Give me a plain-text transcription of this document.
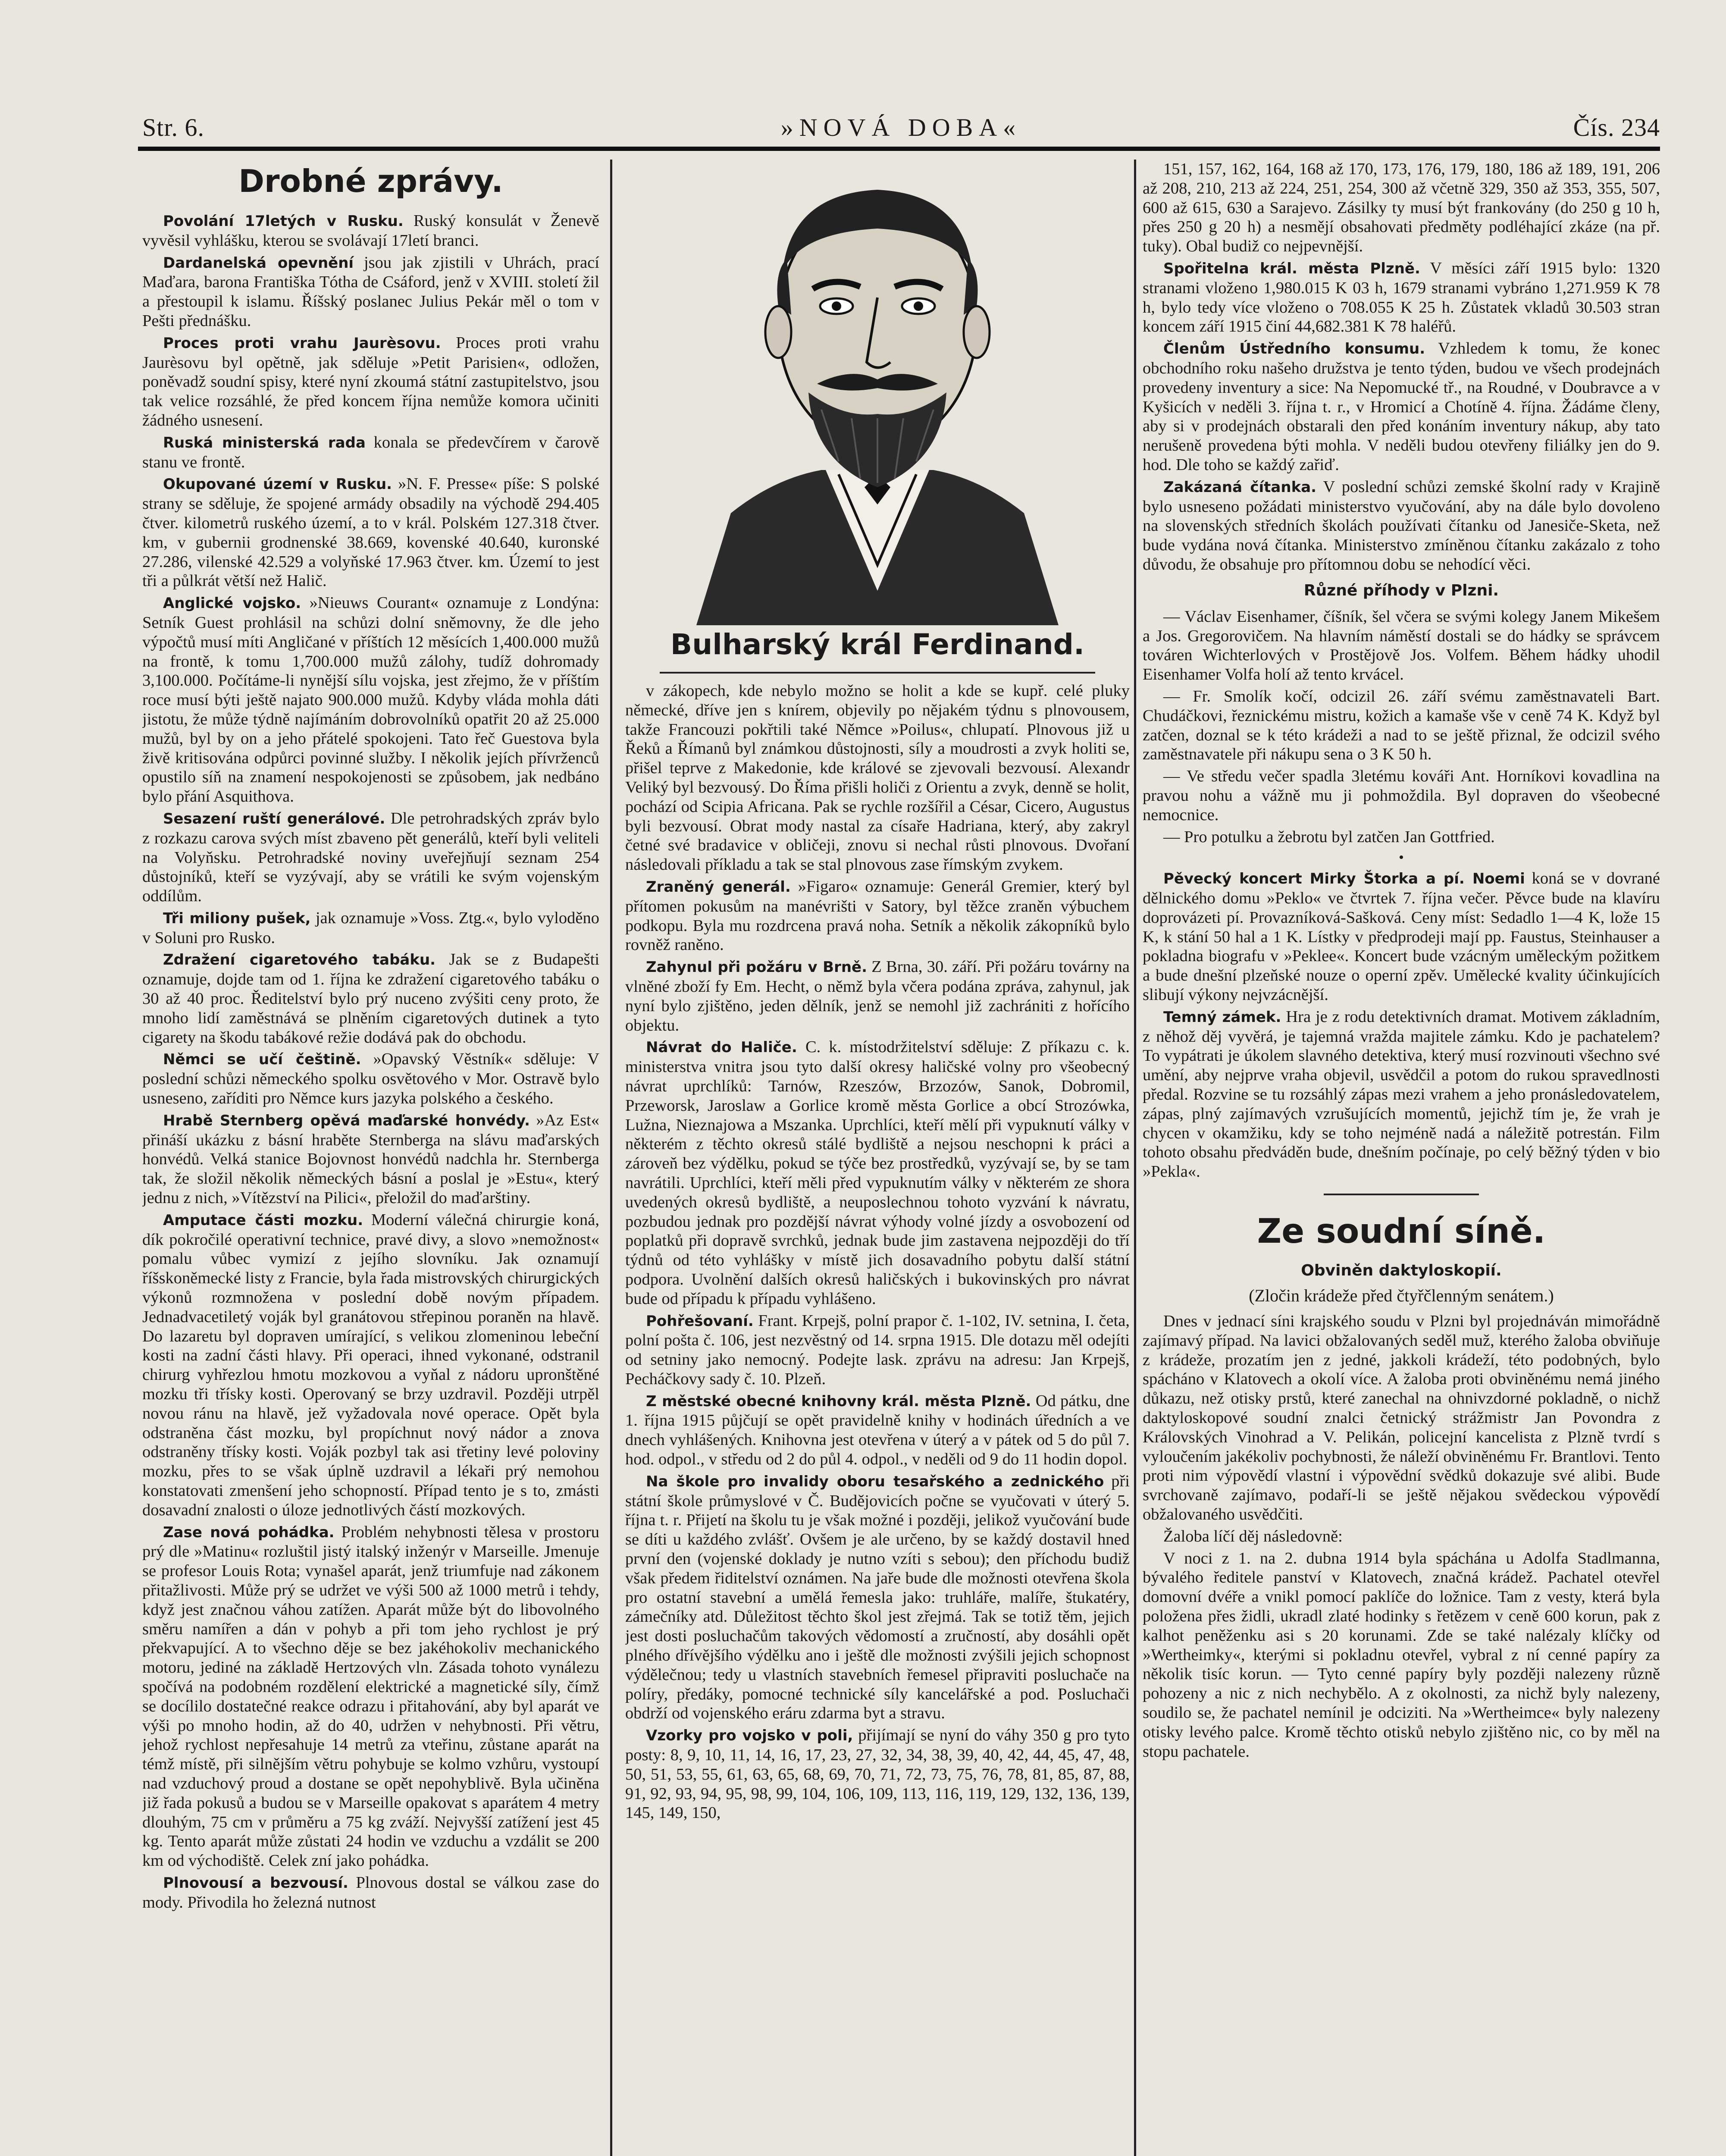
Str. 6.	»NOVÁ DOBA«	Čís. 234
Drobné zprávy.

Povolání 17letých v Rusku. Ruský konsulát v Ženevě vyvěsil vyhlášku, kterou se svolávají 17letí branci.

Dardanelská opevnění jsou jak zjistili v Uhrách, prací Maďara, barona Františka Tótha de Csáford, jenž v XVIII. století žil a přestoupil k islamu. Říšský poslanec Julius Pekár měl o tom v Pešti přednášku.

Proces proti vrahu Jaurèsovu. Proces proti vrahu Jaurèsovu byl opětně, jak sděluje »Petit Parisien«, odložen, poněvadž soudní spisy, které nyní zkoumá státní zastupitelstvo, jsou tak velice rozsáhlé, že před koncem října nemůže komora učiniti žádného usnesení.

Ruská ministerská rada konala se předevčírem v čarově stanu ve frontě.

Okupované území v Rusku. »N. F. Presse« píše: S polské strany se sděluje, že spojené armády obsadily na východě 294.405 čtver. kilometrů ruského území, a to v král. Polském 127.318 čtver. km, v gubernii grodnenské 38.669, kovenské 40.640, kuronské 27.286, vilenské 42.529 a volyňské 17.963 čtver. km. Území to jest tři a půlkrát větší než Halič.

Anglické vojsko. »Nieuws Courant« oznamuje z Londýna: Setník Guest prohlásil na schůzi dolní sněmovny, že dle jeho výpočtů musí míti Angličané v příštích 12 měsících 1,400.000 mužů na frontě, k tomu 1,700.000 mužů zálohy, tudíž dohromady 3,100.000. Počítáme-li nynější sílu vojska, jest zřejmo, že v příštím roce musí býti ještě najato 900.000 mužů. Kdyby vláda mohla dáti jistotu, že může týdně najímáním dobrovolníků opatřit 20 až 25.000 mužů, byl by on a jeho přátelé spokojeni. Tato řeč Guestova byla živě kritisována odpůrci povinné služby. I několik jejích přívrženců opustilo síň na znamení nespokojenosti se způsobem, jak nedbáno bylo přání Asquithova.

Sesazení ruští generálové. Dle petrohradských zpráv bylo z rozkazu carova svých míst zbaveno pět generálů, kteří byli veliteli na Volyňsku. Petrohradské noviny uveřejňují seznam 254 důstojníků, kteří se vyzývají, aby se vrátili ke svým vojenským oddílům.

Tři miliony pušek, jak oznamuje »Voss. Ztg.«, bylo vyloděno v Soluni pro Rusko.

Zdražení cigaretového tabáku. Jak se z Budapešti oznamuje, dojde tam od 1. října ke zdražení cigaretového tabáku o 30 až 40 proc. Ředitelství bylo prý nuceno zvýšiti ceny proto, že mnoho lidí zaměstnává se plněním cigaretových dutinek a tyto cigarety na škodu tabákové režie dodává pak do obchodu.

Němci se učí češtině. »Opavský Věstník« sděluje: V poslední schůzi německého spolku osvětového v Mor. Ostravě bylo usneseno, zaříditi pro Němce kurs jazyka polského a českého.

Hrabě Sternberg opěvá maďarské honvédy. »Az Est« přináší ukázku z básní hraběte Sternberga na slávu maďarských honvédů. Velká stanice Bojovnost honvédů nadchla hr. Sternberga tak, že složil několik německých básní a poslal je »Estu«, který jednu z nich, »Vítězství na Pilici«, přeložil do maďarštiny.

Amputace části mozku. Moderní válečná chirurgie koná, dík pokročilé operativní technice, pravé divy, a slovo »nemožnost« pomalu vůbec vymizí z jejího slovníku. Jak oznamují říšskoněmecké listy z Francie, byla řada mistrovských chirurgických výkonů rozmnožena v poslední době novým případem. Jednadvacetiletý voják byl granátovou střepinou poraněn na hlavě. Do lazaretu byl dopraven umírající, s velikou zlomeninou lebeční kosti na zadní části hlavy. Při operaci, ihned vykonané, odstranil chirurg vyhřezlou hmotu mozkovou a vyňal z nádoru upronštěné mozku tři třísky kosti. Operovaný se brzy uzdravil. Později utrpěl novou ránu na hlavě, jež vyžadovala nové operace. Opět byla odstraněna část mozku, byl propíchnut nový nádor a znova odstraněny třísky kosti. Voják pozbyl tak asi třetiny levé poloviny mozku, přes to se však úplně uzdravil a lékaři prý nemohou konstatovati zmenšení jeho schopností. Případ tento je s to, zmásti dosavadní znalosti o úloze jednotlivých částí mozkových.

Zase nová pohádka. Problém nehybnosti tělesa v prostoru prý dle »Matinu« rozluštil jistý italský inženýr v Marseille. Jmenuje se profesor Louis Rota; vynašel aparát, jenž triumfuje nad zákonem přitažlivosti. Může prý se udržet ve výši 500 až 1000 metrů i tehdy, když jest značnou váhou zatížen. Aparát může být do libovolného směru namířen a dán v pohyb a při tom jeho rychlost je prý překvapující. A to všechno děje se bez jakéhokoliv mechanického motoru, jediné na základě Hertzových vln. Zásada tohoto vynálezu spočívá na podobném rozdělení elektrické a magnetické síly, čímž se docílilo dostatečné reakce odrazu i přitahování, aby byl aparát ve výši po mnoho hodin, až do 40, udržen v nehybnosti. Při větru, jehož rychlost nepřesahuje 14 metrů za vteřinu, zůstane aparát na témž místě, při silnějším větru pohybuje se kolmo vzhůru, vystoupí nad vzduchový proud a dostane se opět nepohyblivě. Byla učiněna již řada pokusů a budou se v Marseille opakovat s aparátem 4 metry dlouhým, 75 cm v průměru a 75 kg zváží. Nejvyšší zatížení jest 45 kg. Tento aparát může zůstati 24 hodin ve vzduchu a vzdálit se 200 km od východiště. Celek zní jako pohádka.

Plnovousí a bezvousí. Plnovous dostal se válkou zase do mody. Přivodila ho železná nutnost

Bulharský král Ferdinand.

v zákopech, kde nebylo možno se holit a kde se kupř. celé pluky německé, dříve jen s knírem, objevily po nějakém týdnu s plnovousem, takže Francouzi pokřtili také Němce »Poilus«, chlupatí. Plnovous již u Řeků a Římanů byl známkou důstojnosti, síly a moudrosti a zvyk holiti se, přišel teprve z Makedonie, kde králové se zjevovali bezvousí. Alexandr Veliký byl bezvousý. Do Říma přišli holiči z Orientu a zvyk, denně se holit, pochází od Scipia Africana. Pak se rychle rozšířil a César, Cicero, Augustus byli bezvousí. Obrat mody nastal za císaře Hadriana, který, aby zakryl četné své bradavice v obličeji, znovu si nechal růsti plnovous. Dvořaní následovali příkladu a tak se stal plnovous zase římským zvykem.

Zraněný generál. »Figaro« oznamuje: Generál Gremier, který byl přítomen pokusům na manévrišti v Satory, byl těžce zraněn výbuchem podkopu. Byla mu rozdrcena pravá noha. Setník a několik zákopníků bylo rovněž raněno.

Zahynul při požáru v Brně. Z Brna, 30. září. Při požáru továrny na vlněné zboží fy Em. Hecht, o němž byla včera podána zpráva, zahynul, jak nyní bylo zjištěno, jeden dělník, jenž se nemohl již zachrániti z hořícího objektu.

Návrat do Haliče. C. k. místodržitelství sděluje: Z příkazu c. k. ministerstva vnitra jsou tyto další okresy haličské volny pro všeobecný návrat uprchlíků: Tarnów, Rzeszów, Brzozów, Sanok, Dobromil, Przeworsk, Jaroslaw a Gorlice kromě města Gorlice a obcí Strozówka, Lužna, Nieznajowa a Mszanka. Uprchlíci, kteří mělí při vypuknutí války v některém z těchto okresů stálé bydliště a nejsou neschopni k práci a zároveň bez výdělku, pokud se týče bez prostředků, vyzývají se, by se tam navrátili. Uprchlíci, kteří měli před vypuknutím války v některém ze shora uvedených okresů bydliště, a neuposlechnou tohoto vyzvání k návratu, pozbudou jednak pro pozdější návrat výhody volné jízdy a osvobození od poplatků při dopravě svrchků, jednak bude jim zastavena nejpozději do tří týdnů od této vyhlášky v místě jich dosavadního pobytu další státní podpora. Uvolnění dalších okresů haličských i bukovinských pro návrat bude od případu k případu vyhlášeno.

Pohřešovaní. Frant. Krpejš, polní prapor č. 1-102, IV. setnina, I. četa, polní pošta č. 106, jest nezvěstný od 14. srpna 1915. Dle dotazu měl odejíti od setniny jako nemocný. Podejte lask. zprávu na adresu: Jan Krpejš, Pecháčkovy sady č. 10. Plzeň.

Z městské obecné knihovny král. města Plzně. Od pátku, dne 1. října 1915 půjčují se opět pravidelně knihy v hodinách úředních a ve dnech vyhlášených. Knihovna jest otevřena v úterý a v pátek od 5 do půl 7. hod. odpol., v středu od 2 do půl 4. odpol., v neděli od 9 do 11 hodin dopol.

Na škole pro invalidy oboru tesařského a zednického při státní škole průmyslové v Č. Budějovicích počne se vyučovati v úterý 5. října t. r. Přijetí na školu tu je však možné i později, jelikož vyučování bude se díti u každého zvlášť. Ovšem je ale určeno, by se každý dostavil hned první den (vojenské doklady je nutno vzíti s sebou); den příchodu budiž však předem řiditelství oznámen. Na jaře bude dle možnosti otevřena škola pro ostatní stavební a umělá řemesla jako: truhláře, malíře, štukatéry, zámečníky atd. Důležitost těchto škol jest zřejmá. Tak se totiž těm, jejich jest dosti posluchačům takových vědomostí a zručností, aby dosáhli opět plného dřívějšího výdělku ano i ještě dle možnosti zvýšili jejich schopnost výdělečnou; tedy u vlastních stavebních řemesel připraviti posluchače na políry, předáky, pomocné technické síly kancelářské a pod. Posluchači obdrží od vojenského eráru zdarma byt a stravu.

Vzorky pro vojsko v poli, přijímají se nyní do váhy 350 g pro tyto posty: 8, 9, 10, 11, 14, 16, 17, 23, 27, 32, 34, 38, 39, 40, 42, 44, 45, 47, 48, 50, 51, 53, 55, 61, 63, 65, 68, 69, 70, 71, 72, 73, 75, 76, 78, 81, 85, 87, 88, 91, 92, 93, 94, 95, 98, 99, 104, 106, 109, 113, 116, 119, 129, 132, 136, 139, 145, 149, 150,

151, 157, 162, 164, 168 až 170, 173, 176, 179, 180, 186 až 189, 191, 206 až 208, 210, 213 až 224, 251, 254, 300 až včetně 329, 350 až 353, 355, 507, 600 až 615, 630 a Sarajevo. Zásilky ty musí být frankovány (do 250 g 10 h, přes 250 g 20 h) a nesmějí obsahovati předměty podléhající zkáze (na př. tuky). Obal budiž co nejpevnější.

Spořitelna král. města Plzně. V měsíci září 1915 bylo: 1320 stranami vloženo 1,980.015 K 03 h, 1679 stranami vybráno 1,271.959 K 78 h, bylo tedy více vloženo o 708.055 K 25 h. Zůstatek vkladů 30.503 stran koncem září 1915 činí 44,682.381 K 78 haléřů.

Členům Ústředního konsumu. Vzhledem k tomu, že konec obchodního roku našeho družstva je tento týden, budou ve všech prodejnách provedeny inventury a sice: Na Nepomucké tř., na Roudné, v Doubravce a v Kyšicích v neděli 3. října t. r., v Hromicí a Chotíně 4. října. Žádáme členy, aby si v prodejnách obstarali den před konáním inventury nákup, aby tato nerušeně provedena býti mohla. V neděli budou otevřeny filiálky jen do 9. hod. Dle toho se každý zařiď.

Zakázaná čítanka. V poslední schůzi zemské školní rady v Krajině bylo usneseno požádati ministerstvo vyučování, aby na dále bylo dovoleno na slovenských středních školách používati čítanku od Janesiče-Sketa, než bude vydána nová čítanka. Ministerstvo zmíněnou čítanku zakázalo z toho důvodu, že obsahuje pro přítomnou dobu se nehodící věci.

Různé příhody v Plzni.

— Václav Eisenhamer, číšník, šel včera se svými kolegy Janem Mikešem a Jos. Gregorovičem. Na hlavním náměstí dostali se do hádky se správcem továren Wichterlových v Prostějově Jos. Volfem. Během hádky uhodil Eisenhamer Volfa holí až tento krvácel.

— Fr. Smolík kočí, odcizil 26. září svému zaměstnavateli Bart. Chudáčkovi, řeznickému mistru, kožich a kamaše vše v ceně 74 K. Když byl zatčen, doznal se k této krádeži a nad to se ještě přiznal, že odcizil svého zaměstnavatele při nákupu sena o 3 K 50 h.

— Ve středu večer spadla 3letému kováři Ant. Horníkovi kovadlina na pravou nohu a vážně mu ji pohmoždila. Byl dopraven do všeobecné nemocnice.

— Pro potulku a žebrotu byl zatčen Jan Gottfried.

•

Pěvecký koncert Mirky Štorka a pí. Noemi koná se v dovrané dělnického domu »Peklo« ve čtvrtek 7. října večer. Pěvce bude na klavíru doprovázeti pí. Provazníková-Sašková. Ceny míst: Sedadlo 1—4 K, lože 15 K, k stání 50 hal a 1 K. Lístky v předprodeji mají pp. Faustus, Steinhauser a pokladna biografu v »Peklee«. Koncert bude vzácným uměleckým požitkem a bude dnešní plzeňské nouze o operní zpěv. Umělecké kvality účinkujících slibují výkony nejvzácnější.

Temný zámek. Hra je z rodu detektivních dramat. Motivem základním, z něhož děj vyvěrá, je tajemná vražda majitele zámku. Kdo je pachatelem? To vypátrati je úkolem slavného detektiva, který musí rozvinouti všechno své umění, aby nejprve vraha objevil, usvědčil a potom do rukou spravedlnosti předal. Rozvine se tu rozsáhlý zápas mezi vrahem a jeho pronásledovatelem, zápas, plný zajímavých vzrušujících momentů, jejichž tím je, že vrah je chycen v okamžiku, kdy se toho nejméně nadá a náležitě potrestán. Film tohoto obsahu předváděn bude, dnešním počínaje, po celý běžný týden v bio »Pekla«.

Ze soudní síně.
Obviněn daktyloskopií.
(Zločin krádeže před čtyřčlenným senátem.)

Dnes v jednací síni krajského soudu v Plzni byl projednáván mimořádně zajímavý případ. Na lavici obžalovaných seděl muž, kterého žaloba obviňuje z krádeže, prozatím jen z jedné, jakkoli krádeží, této podobných, bylo spácháno v Klatovech a okolí více. A žaloba proti obviněnému nemá jiného důkazu, než otisky prstů, které zanechal na ohnivzdorné pokladně, o nichž daktyloskopové soudní znalci četnický strážmistr Jan Povondra z Královských Vinohrad a V. Pelikán, policejní kancelista z Plzně tvrdí s vyloučením jakékoliv pochybnosti, že náleží obviněnému Fr. Brantlovi. Tento proti nim výpovědí vlastní i výpovědní svědků dokazuje své alibi. Bude svrchovaně zajímavo, podaří-li se ještě nějakou svědeckou výpovědí obžalovaného usvědčiti.

Žaloba líčí děj následovně:

V noci z 1. na 2. dubna 1914 byla spáchána u Adolfa Stadlmanna, bývalého ředitele panství v Klatovech, značná krádež. Pachatel otevřel domovní dvéře a vnikl pomocí paklíče do ložnice. Tam z vesty, která byla položena přes židli, ukradl zlaté hodinky s řetězem v ceně 600 korun, pak z kalhot peněženku asi s 20 korunami. Zde se také nalézaly klíčky od »Wertheimky«, kterými si pokladnu otevřel, vybral z ní cenné papíry za několik tisíc korun. — Tyto cenné papíry byly později nalezeny různě pohozeny a nic z nich nechybělo. A z okolnosti, za nichž byly nalezeny, soudilo se, že pachatel nemínil je odciziti. Na »Wertheimce« byly nalezeny otisky levého palce. Kromě těchto otisků nebylo zjištěno nic, co by měl na stopu pachatele.
